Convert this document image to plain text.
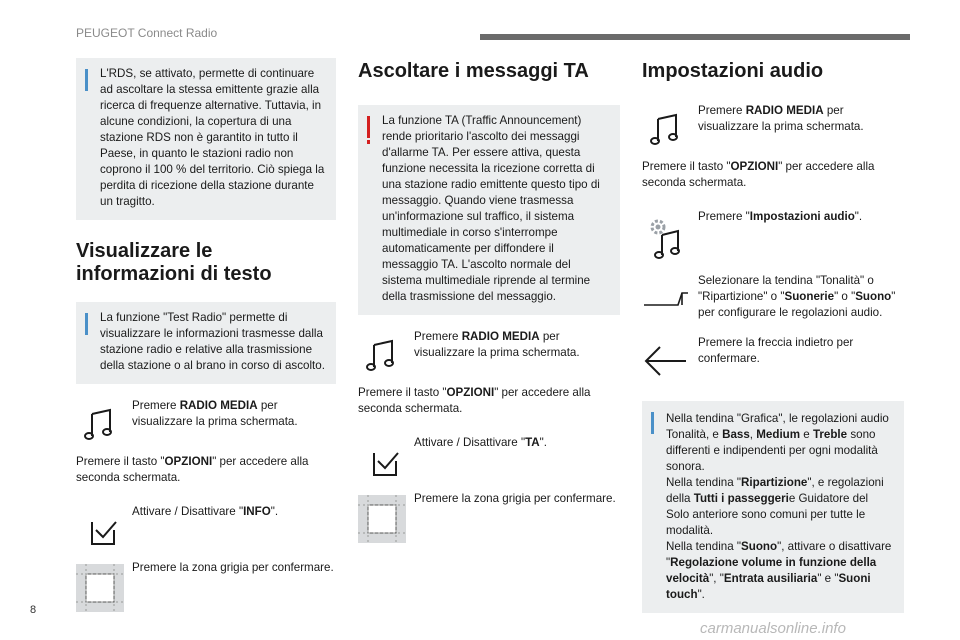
PEUGEOT Connect Radio
L'RDS, se attivato, permette di continuare ad ascoltare la stessa emittente grazie alla ricerca di frequenze alternative. Tuttavia, in alcune condizioni, la copertura di una stazione RDS non è garantito in tutto il Paese, in quanto le stazioni radio non coprono il 100 % del territorio. Ciò spiega la perdita di ricezione della stazione durante un tragitto.
Visualizzare le informazioni di testo
La funzione "Test Radio" permette di visualizzare le informazioni trasmesse dalla stazione radio e relative alla trasmissione della stazione o al brano in corso di ascolto.
Premere RADIO MEDIA per visualizzare la prima schermata.
Premere il tasto "OPZIONI" per accedere alla seconda schermata.
Attivare / Disattivare "INFO".
Premere la zona grigia per confermare.
Ascoltare i messaggi TA
La funzione TA (Traffic Announcement) rende prioritario l'ascolto dei messaggi d'allarme TA. Per essere attiva, questa funzione necessita la ricezione corretta di una stazione radio emittente questo tipo di messaggio. Quando viene trasmessa un'informazione sul traffico, il sistema multimediale in corso s'interrompe automaticamente per diffondere il messaggio TA. L'ascolto normale del sistema multimediale riprende al termine della trasmissione del messaggio.
Premere RADIO MEDIA per visualizzare la prima schermata.
Premere il tasto "OPZIONI" per accedere alla seconda schermata.
Attivare / Disattivare "TA".
Premere la zona grigia per confermare.
Impostazioni audio
Premere RADIO MEDIA per visualizzare la prima schermata.
Premere il tasto "OPZIONI" per accedere alla seconda schermata.
Premere "Impostazioni audio".
Selezionare la tendina "Tonalità" o "Ripartizione" o "Suonerie" o "Suono" per configurare le regolazioni audio.
Premere la freccia indietro per confermare.
Nella tendina "Grafica", le regolazioni audio Tonalità, e Bass, Medium e Treble sono differenti e indipendenti per ogni modalità sonora.
Nella tendina "Ripartizione", e regolazioni della Tutti i passeggerie Guidatore del Solo anteriore sono comuni per tutte le modalità.
Nella tendina "Suono", attivare o disattivare "Regolazione volume in funzione della velocità", "Entrata ausiliaria" e "Suoni touch".
8
carmanualsonline.info
